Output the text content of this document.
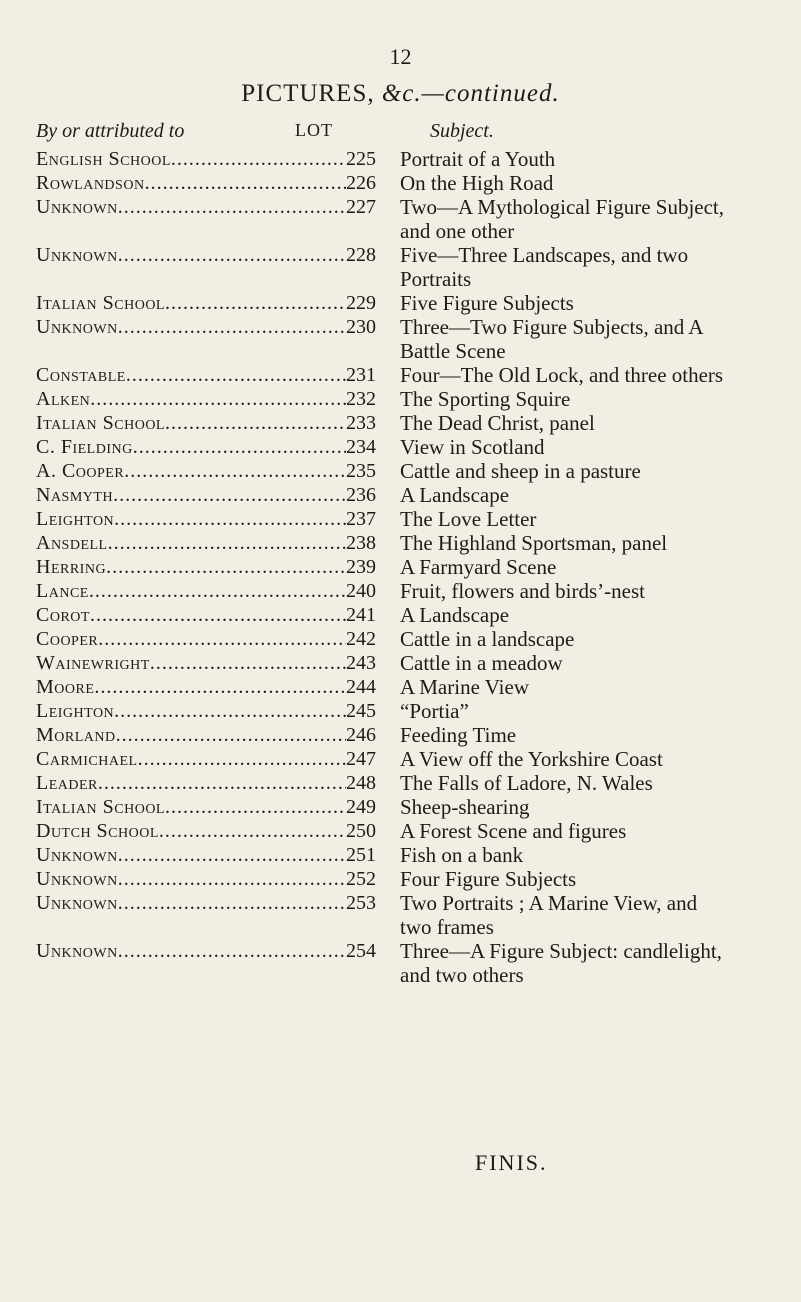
12
PICTURES, &c.—continued.
By or attributed to	LOT	Subject.
English School .....	225	Portrait of a Youth
Rowlandson .....	226	On the High Road
Unknown .....	227	Two—A Mythological Figure Subject, and one other
Unknown .....	228	Five—Three Landscapes, and two Portraits
Italian School .....	229	Five Figure Subjects
Unknown .....	230	Three—Two Figure Subjects, and A Battle Scene
Constable .....	231	Four—The Old Lock, and three others
Alken .....	232	The Sporting Squire
Italian School .....	233	The Dead Christ, panel
C. Fielding .....	234	View in Scotland
A. Cooper .....	235	Cattle and sheep in a pasture
Nasmyth .....	236	A Landscape
Leighton .....	237	The Love Letter
Ansdell .....	238	The Highland Sportsman, panel
Herring .....	239	A Farmyard Scene
Lance .....	240	Fruit, flowers and birds’-nest
Corot .....	241	A Landscape
Cooper .....	242	Cattle in a landscape
Wainewright .....	243	Cattle in a meadow
Moore .....	244	A Marine View
Leighton .....	245	“Portia”
Morland .....	246	Feeding Time
Carmichael .....	247	A View off the Yorkshire Coast
Leader .....	248	The Falls of Ladore, N. Wales
Italian School .....	249	Sheep-shearing
Dutch School .....	250	A Forest Scene and figures
Unknown .....	251	Fish on a bank
Unknown .....	252	Four Figure Subjects
Unknown .....	253	Two Portraits ; A Marine View, and two frames
Unknown .....	254	Three—A Figure Subject: candlelight, and two others
FINIS.
